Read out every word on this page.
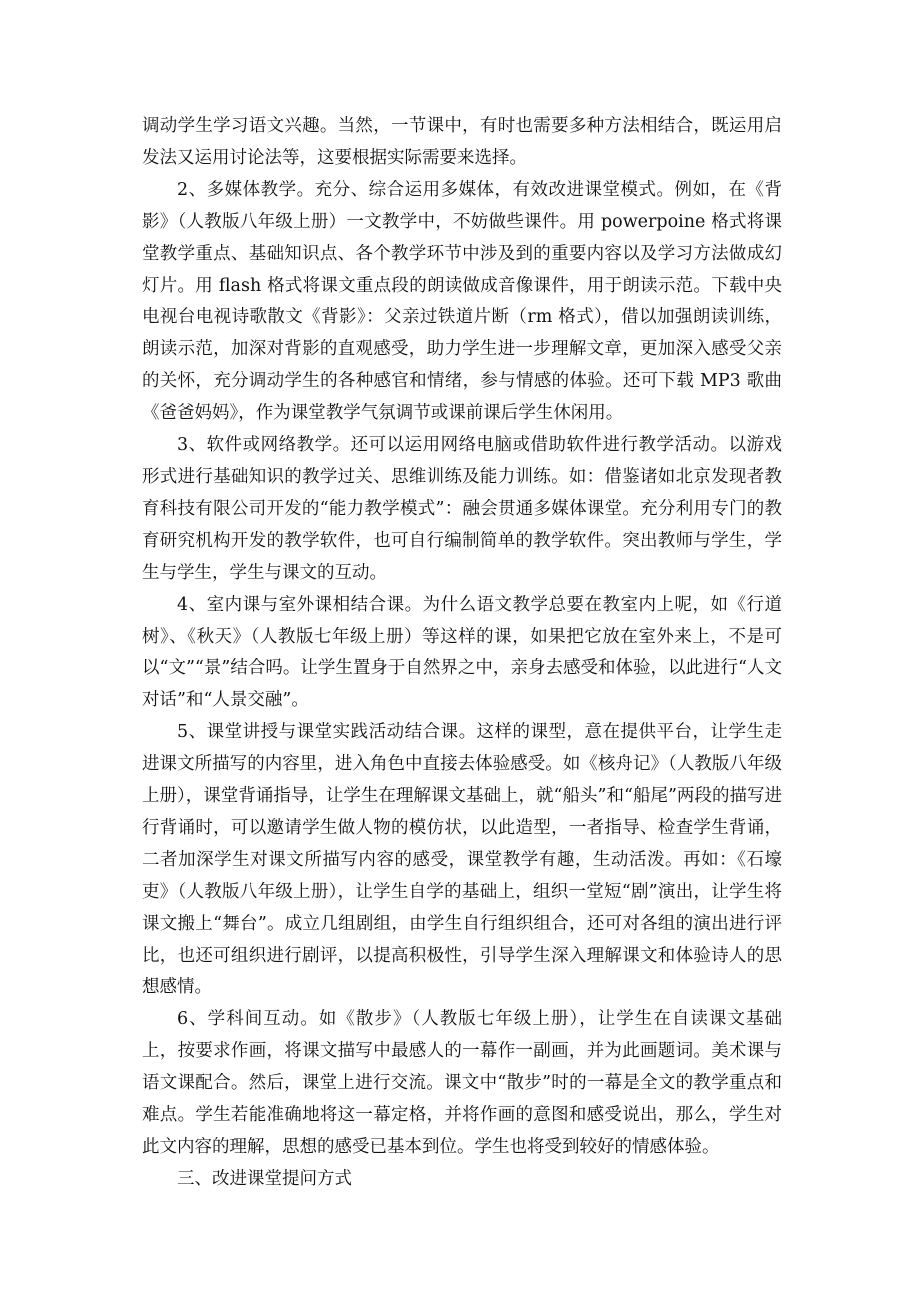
调动学生学习语文兴趣。当然，一节课中，有时也需要多种方法相结合，既运用启发法又运用讨论法等，这要根据实际需要来选择。

2、多媒体教学。充分、综合运用多媒体，有效改进课堂模式。例如，在《背影》（人教版八年级上册）一文教学中，不妨做些课件。用 powerpoine 格式将课堂教学重点、基础知识点、各个教学环节中涉及到的重要内容以及学习方法做成幻灯片。用 flash 格式将课文重点段的朗读做成音像课件，用于朗读示范。下载中央电视台电视诗歌散文《背影》：父亲过铁道片断（rm 格式），借以加强朗读训练，朗读示范，加深对背影的直观感受，助力学生进一步理解文章，更加深入感受父亲的关怀，充分调动学生的各种感官和情绪，参与情感的体验。还可下载 MP3 歌曲《爸爸妈妈》，作为课堂教学气氛调节或课前课后学生休闲用。

3、软件或网络教学。还可以运用网络电脑或借助软件进行教学活动。以游戏形式进行基础知识的教学过关、思维训练及能力训练。如：借鉴诸如北京发现者教育科技有限公司开发的“能力教学模式”：融会贯通多媒体课堂。充分利用专门的教育研究机构开发的教学软件，也可自行编制简单的教学软件。突出教师与学生，学生与学生，学生与课文的互动。

4、室内课与室外课相结合课。为什么语文教学总要在教室内上呢，如《行道树》、《秋天》（人教版七年级上册）等这样的课，如果把它放在室外来上，不是可以“文”“景”结合吗。让学生置身于自然界之中，亲身去感受和体验，以此进行“人文对话”和“人景交融”。

5、课堂讲授与课堂实践活动结合课。这样的课型，意在提供平台，让学生走进课文所描写的内容里，进入角色中直接去体验感受。如《核舟记》（人教版八年级上册），课堂背诵指导，让学生在理解课文基础上，就“船头”和“船尾”两段的描写进行背诵时，可以邀请学生做人物的模仿状，以此造型，一者指导、检查学生背诵，二者加深学生对课文所描写内容的感受，课堂教学有趣，生动活泼。再如：《石壕吏》（人教版八年级上册），让学生自学的基础上，组织一堂短“剧”演出，让学生将课文搬上“舞台”。成立几组剧组，由学生自行组织组合，还可对各组的演出进行评比，也还可组织进行剧评，以提高积极性，引导学生深入理解课文和体验诗人的思想感情。

6、学科间互动。如《散步》（人教版七年级上册），让学生在自读课文基础上，按要求作画，将课文描写中最感人的一幕作一副画，并为此画题词。美术课与语文课配合。然后，课堂上进行交流。课文中“散步”时的一幕是全文的教学重点和难点。学生若能准确地将这一幕定格，并将作画的意图和感受说出，那么，学生对此文内容的理解，思想的感受已基本到位。学生也将受到较好的情感体验。

三、改进课堂提问方式
